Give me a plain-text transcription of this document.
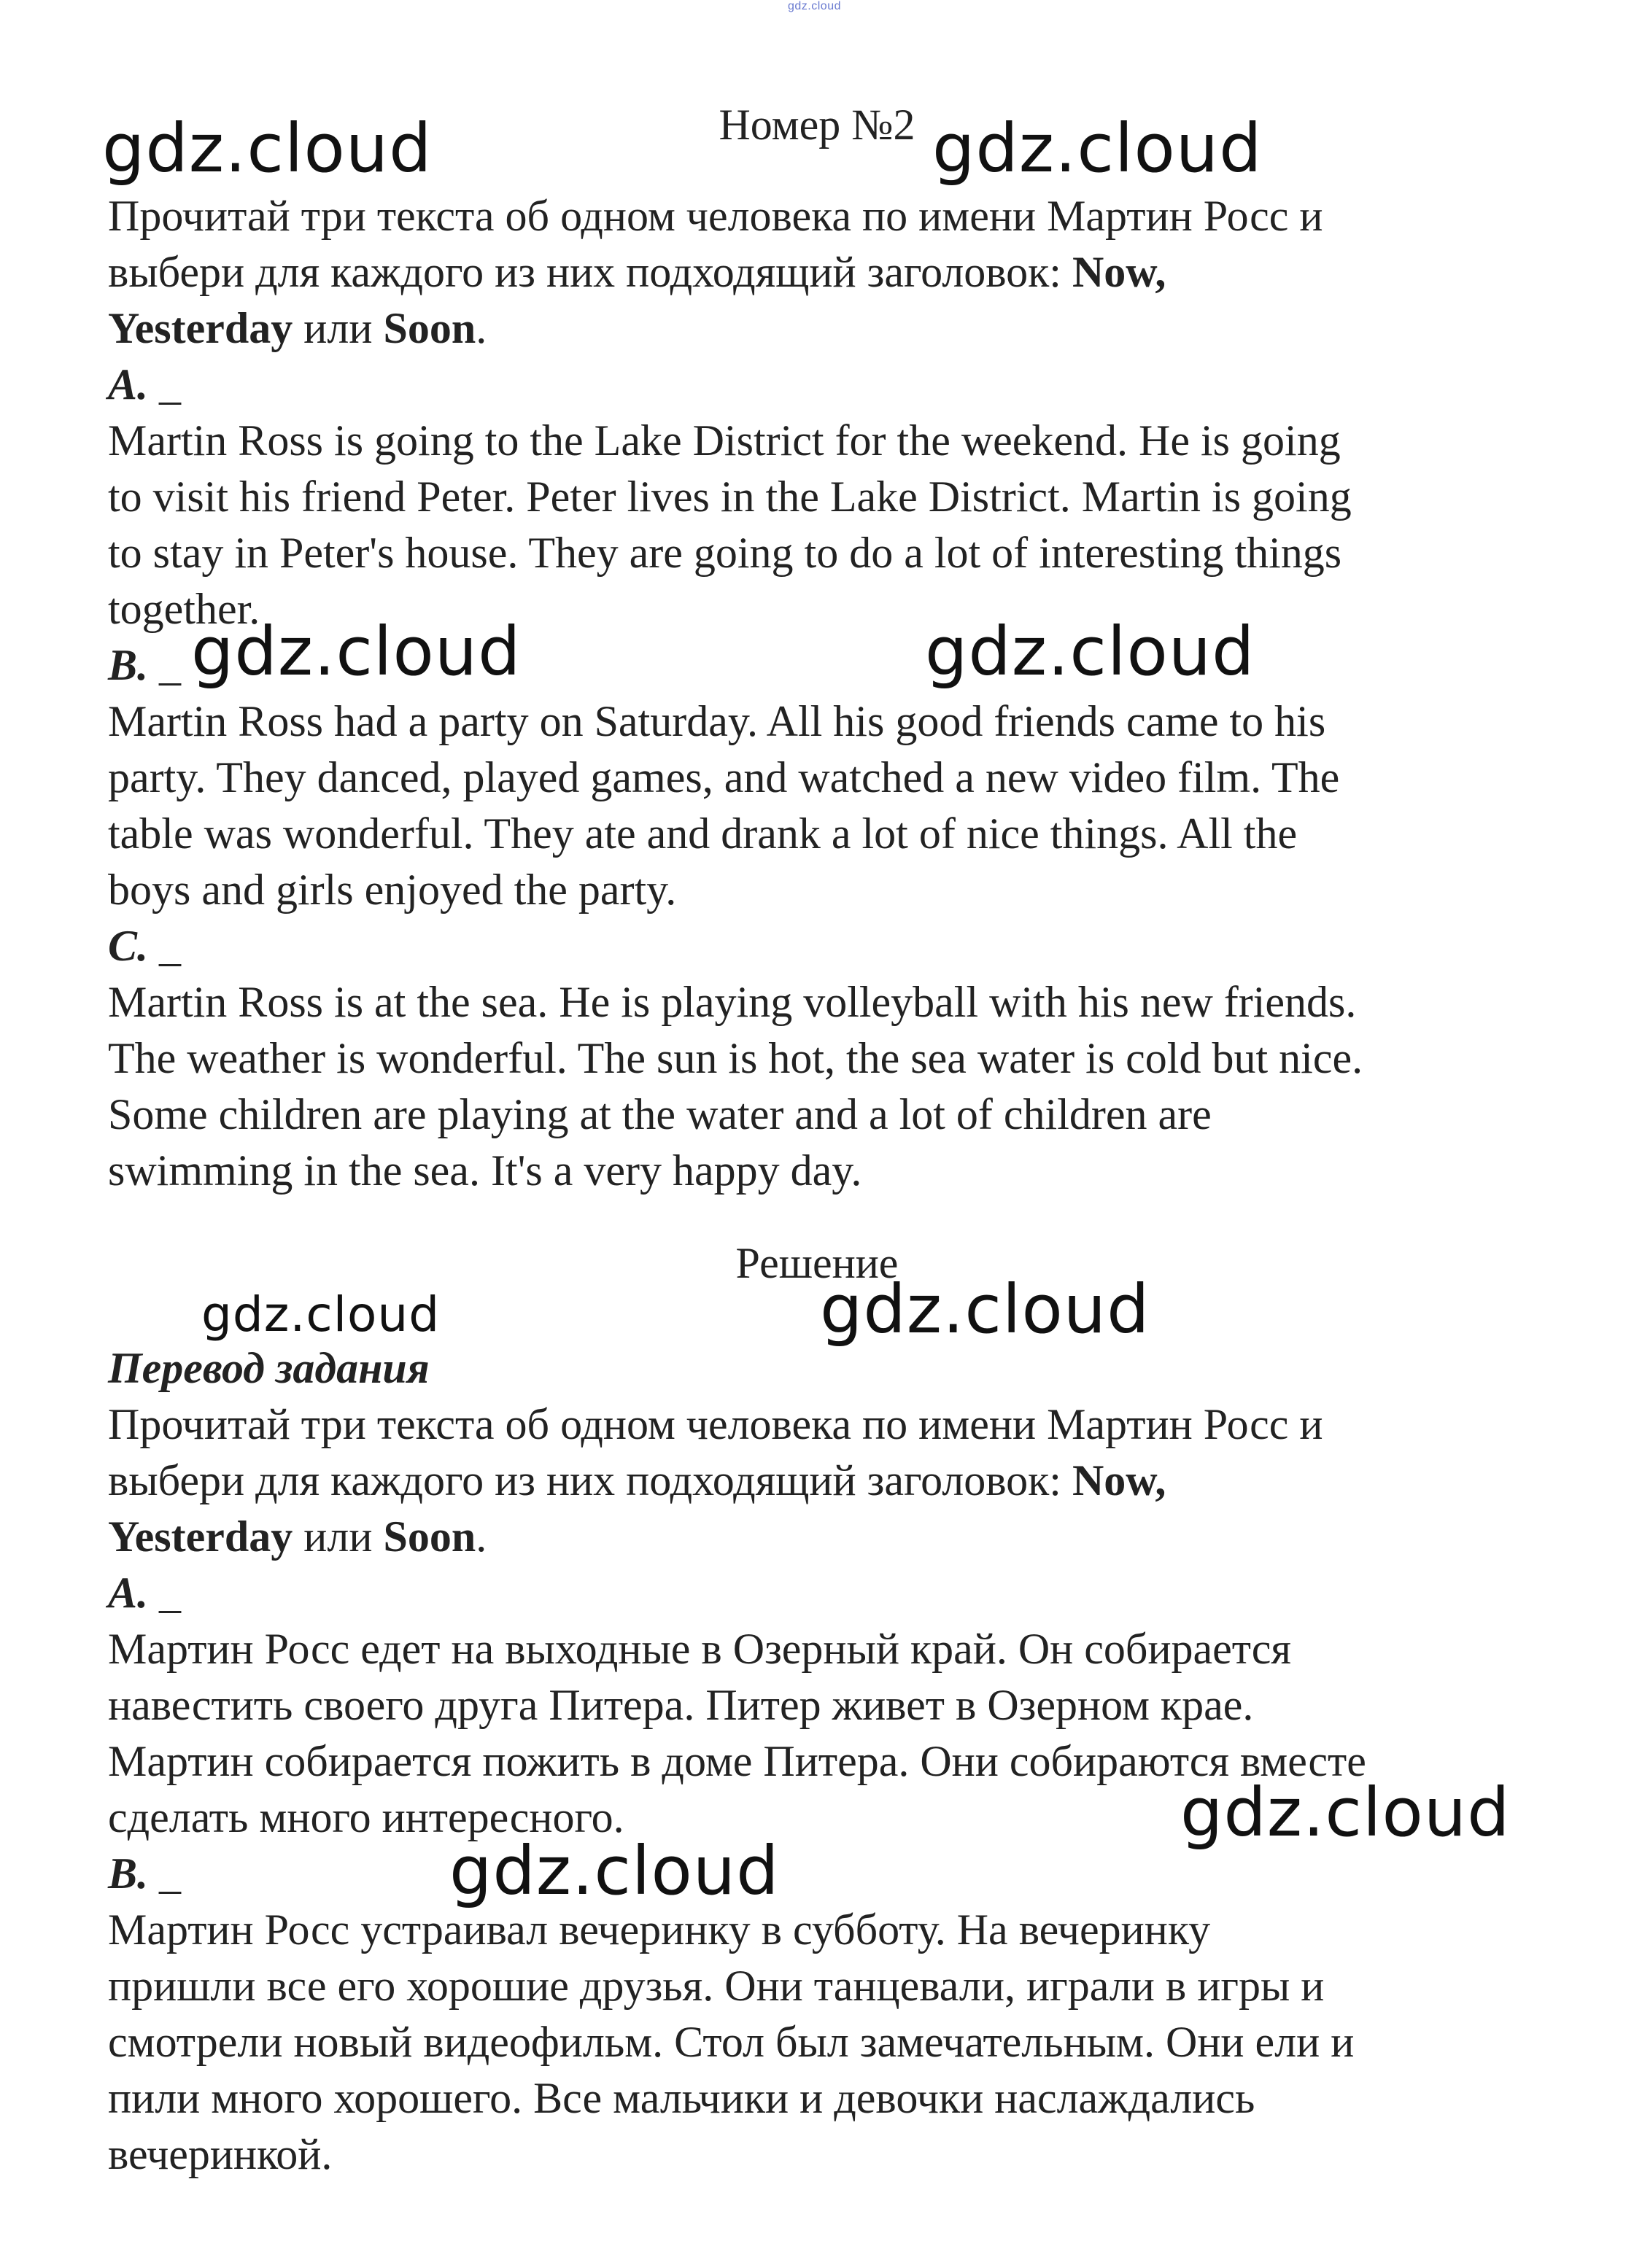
gdz.cloud
Номер №2
Прочитай три текста об одном человека по имени Мартин Росс и
выбери для каждого из них подходящий заголовок: Now,
Yesterday или Soon.
A. _
Martin Ross is going to the Lake District for the weekend. He is going
to visit his friend Peter. Peter lives in the Lake District. Martin is going
to stay in Peter's house. They are going to do a lot of interesting things
together.
B. _
Martin Ross had a party on Saturday. All his good friends came to his
party. They danced, played games, and watched a new video film. The
table was wonderful. They ate and drank a lot of nice things. All the
boys and girls enjoyed the party.
C. _
Martin Ross is at the sea. He is playing volleyball with his new friends.
The weather is wonderful. The sun is hot, the sea water is cold but nice.
Some children are playing at the water and a lot of children are
swimming in the sea. It's a very happy day.
Решение
Перевод задания
Прочитай три текста об одном человека по имени Мартин Росс и
выбери для каждого из них подходящий заголовок: Now,
Yesterday или Soon.
A. _
Мартин Росс едет на выходные в Озерный край. Он собирается
навестить своего друга Питера. Питер живет в Озерном крае.
Мартин собирается пожить в доме Питера. Они собираются вместе
сделать много интересного.
B. _
Мартин Росс устраивал вечеринку в субботу. На вечеринку
пришли все его хорошие друзья. Они танцевали, играли в игры и
смотрели новый видеофильм. Стол был замечательным. Они ели и
пили много хорошего. Все мальчики и девочки наслаждались
вечеринкой.
gdz.cloud	gdz.cloud
gdz.cloud	gdz.cloud
gdz.cloud	gdz.cloud
gdz.cloud
gdz.cloud
